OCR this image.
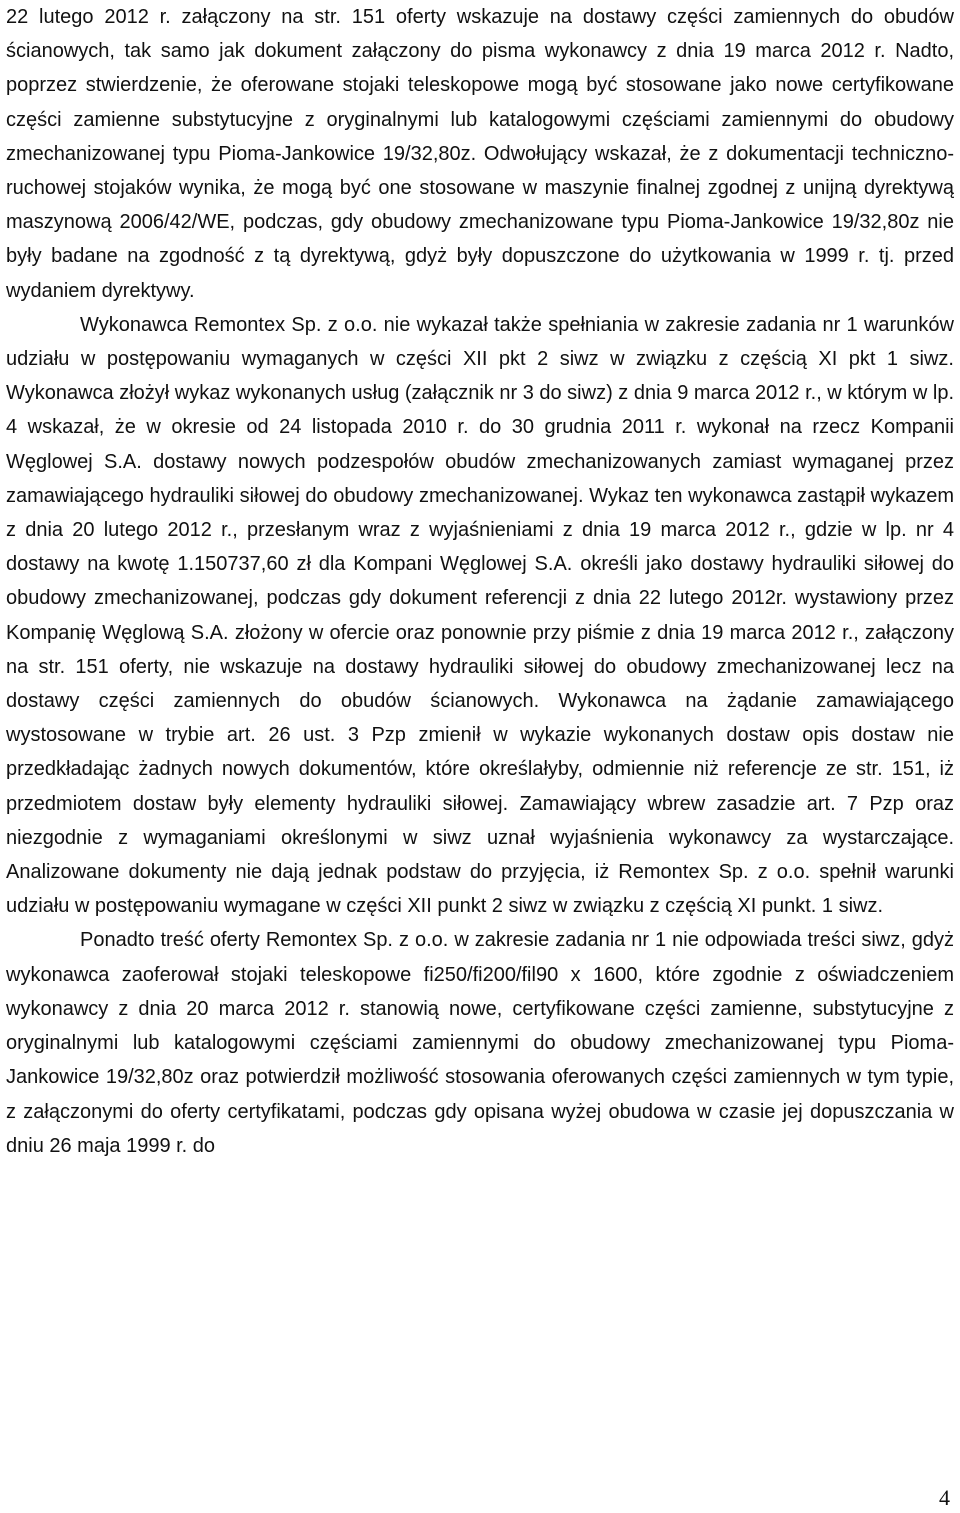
22 lutego 2012 r. załączony na str. 151 oferty wskazuje na dostawy części zamiennych do obudów ścianowych, tak samo jak dokument załączony do pisma wykonawcy z dnia 19 marca 2012 r. Nadto, poprzez stwierdzenie, że oferowane stojaki teleskopowe mogą być stosowane jako nowe certyfikowane części zamienne substytucyjne z oryginalnymi lub katalogowymi częściami zamiennymi do obudowy zmechanizowanej typu Pioma-Jankowice 19/32,80z. Odwołujący wskazał, że z dokumentacji techniczno-ruchowej stojaków wynika, że mogą być one stosowane w maszynie finalnej zgodnej z unijną dyrektywą maszynową 2006/42/WE, podczas, gdy obudowy zmechanizowane typu Pioma-Jankowice 19/32,80z nie były badane na zgodność z tą dyrektywą, gdyż były dopuszczone do użytkowania w 1999 r. tj. przed wydaniem dyrektywy.

Wykonawca Remontex Sp. z o.o. nie wykazał także spełniania w zakresie zadania nr 1 warunków udziału w postępowaniu wymaganych w części XII pkt 2 siwz w związku z częścią XI pkt 1 siwz. Wykonawca złożył wykaz wykonanych usług (załącznik nr 3 do siwz) z dnia 9 marca 2012 r., w którym w lp. 4 wskazał, że w okresie od 24 listopada 2010 r. do 30 grudnia 2011 r. wykonał na rzecz Kompanii Węglowej S.A. dostawy nowych podzespołów obudów zmechanizowanych zamiast wymaganej przez zamawiającego hydrauliki siłowej do obudowy zmechanizowanej. Wykaz ten wykonawca zastąpił wykazem z dnia 20 lutego 2012 r., przesłanym wraz z wyjaśnieniami z dnia 19 marca 2012 r., gdzie w lp. nr 4 dostawy na kwotę 1.150737,60 zł dla Kompani Węglowej S.A. określi jako dostawy hydrauliki siłowej do obudowy zmechanizowanej, podczas gdy dokument referencji z dnia 22 lutego 2012r. wystawiony przez Kompanię Węglową S.A. złożony w ofercie oraz ponownie przy piśmie z dnia 19 marca 2012 r., załączony na str. 151 oferty, nie wskazuje na dostawy hydrauliki siłowej do obudowy zmechanizowanej lecz na dostawy części zamiennych do obudów ścianowych. Wykonawca na żądanie zamawiającego wystosowane w trybie art. 26 ust. 3 Pzp zmienił w wykazie wykonanych dostaw opis dostaw nie przedkładając żadnych nowych dokumentów, które określałyby, odmiennie niż referencje ze str. 151, iż przedmiotem dostaw były elementy hydrauliki siłowej. Zamawiający wbrew zasadzie art. 7 Pzp oraz niezgodnie z wymaganiami określonymi w siwz uznał wyjaśnienia wykonawcy za wystarczające. Analizowane dokumenty nie dają jednak podstaw do przyjęcia, iż Remontex Sp. z o.o. spełnił warunki udziału w postępowaniu wymagane w części XII punkt 2 siwz w związku z częścią XI punkt. 1 siwz.

Ponadto treść oferty Remontex Sp. z o.o. w zakresie zadania nr 1 nie odpowiada treści siwz, gdyż wykonawca zaoferował stojaki teleskopowe fi250/fi200/fil90 x 1600, które zgodnie z oświadczeniem wykonawcy z dnia 20 marca 2012 r. stanowią nowe, certyfikowane części zamienne, substytucyjne z oryginalnymi lub katalogowymi częściami zamiennymi do obudowy zmechanizowanej typu Pioma-Jankowice 19/32,80z oraz potwierdził możliwość stosowania oferowanych części zamiennych w tym typie, z załączonymi do oferty certyfikatami, podczas gdy opisana wyżej obudowa w czasie jej dopuszczania w dniu 26 maja 1999 r. do

4
